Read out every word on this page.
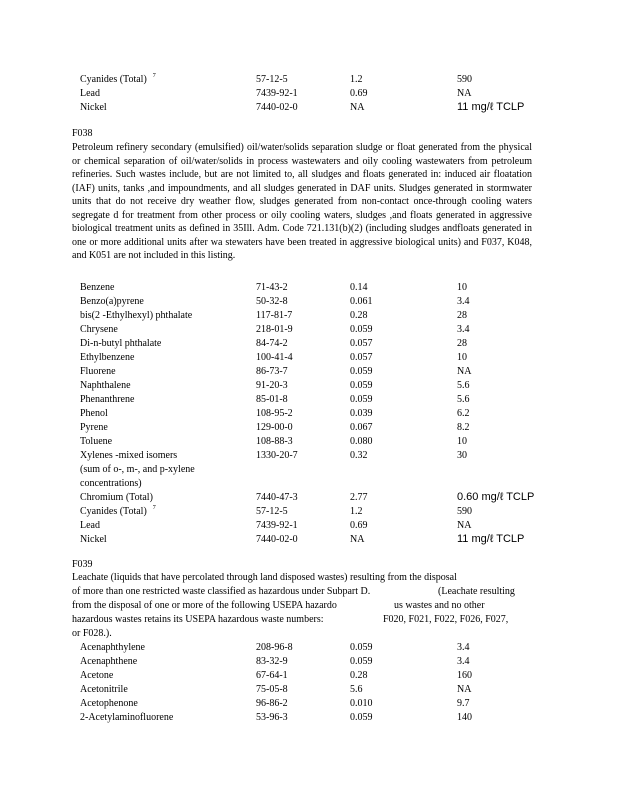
Cyanides (Total) $^7$	57-12-5	1.2	590
Lead	7439-92-1	0.69	NA
Nickel	7440-02-0	NA	11 mg/ℓ TCLP
F038
Petroleum refinery secondary (emulsified) oil/water/solids separation sludge or float generated from the physical or chemical separation of oil/water/solids in process wastewaters and oily cooling wastewaters from petroleum refineries. Such wastes include, but are not limited to, all sludges and floats generated in: induced air floatation (IAF) units, tanks ,and impoundments, and all sludges generated in DAF units. Sludges generated in stormwater units that do not receive dry weather flow, sludges generated from non-contact once-through cooling waters segregate d for treatment from other process or oily cooling waters, sludges ,and floats generated in aggressive biological treatment units as defined in 35Ill. Adm. Code 721.131(b)(2) (including sludges andfloats generated in one or more additional units after wa stewaters have been treated in aggressive biological units) and F037, K048, and K051 are not included in this listing.
Benzene	71-43-2	0.14	10
Benzo(a)pyrene	50-32-8	0.061	3.4
bis(2 -Ethylhexyl) phthalate	117-81-7	0.28	28
Chrysene	218-01-9	0.059	3.4
Di-n-butyl phthalate	84-74-2	0.057	28
Ethylbenzene	100-41-4	0.057	10
Fluorene	86-73-7	0.059	NA
Naphthalene	91-20-3	0.059	5.6
Phenanthrene	85-01-8	0.059	5.6
Phenol	108-95-2	0.039	6.2
Pyrene	129-00-0	0.067	8.2
Toluene	108-88-3	0.080	10
Xylenes -mixed isomers	1330-20-7	0.32	30
(sum of o-, m-, and p-xylene
concentrations)
Chromium (Total)	7440-47-3	2.77	0.60 mg/ℓ TCLP
Cyanides (Total) $^7$	57-12-5	1.2	590
Lead	7439-92-1	0.69	NA
Nickel	7440-02-0	NA	11 mg/ℓ TCLP
F039
Leachate (liquids that have percolated through land disposed wastes) resulting from the disposal
of more than one restricted waste classified as hazardous under Subpart D.	(Leachate resulting
from the disposal of one or more of the following USEPA hazardo	us wastes and no other
hazardous wastes retains its USEPA hazardous waste numbers:	F020, F021, F022, F026, F027,
or F028.).
Acenaphthylene	208-96-8	0.059	3.4
Acenaphthene	83-32-9	0.059	3.4
Acetone	67-64-1	0.28	160
Acetonitrile	75-05-8	5.6	NA
Acetophenone	96-86-2	0.010	9.7
2-Acetylaminofluorene	53-96-3	0.059	140
